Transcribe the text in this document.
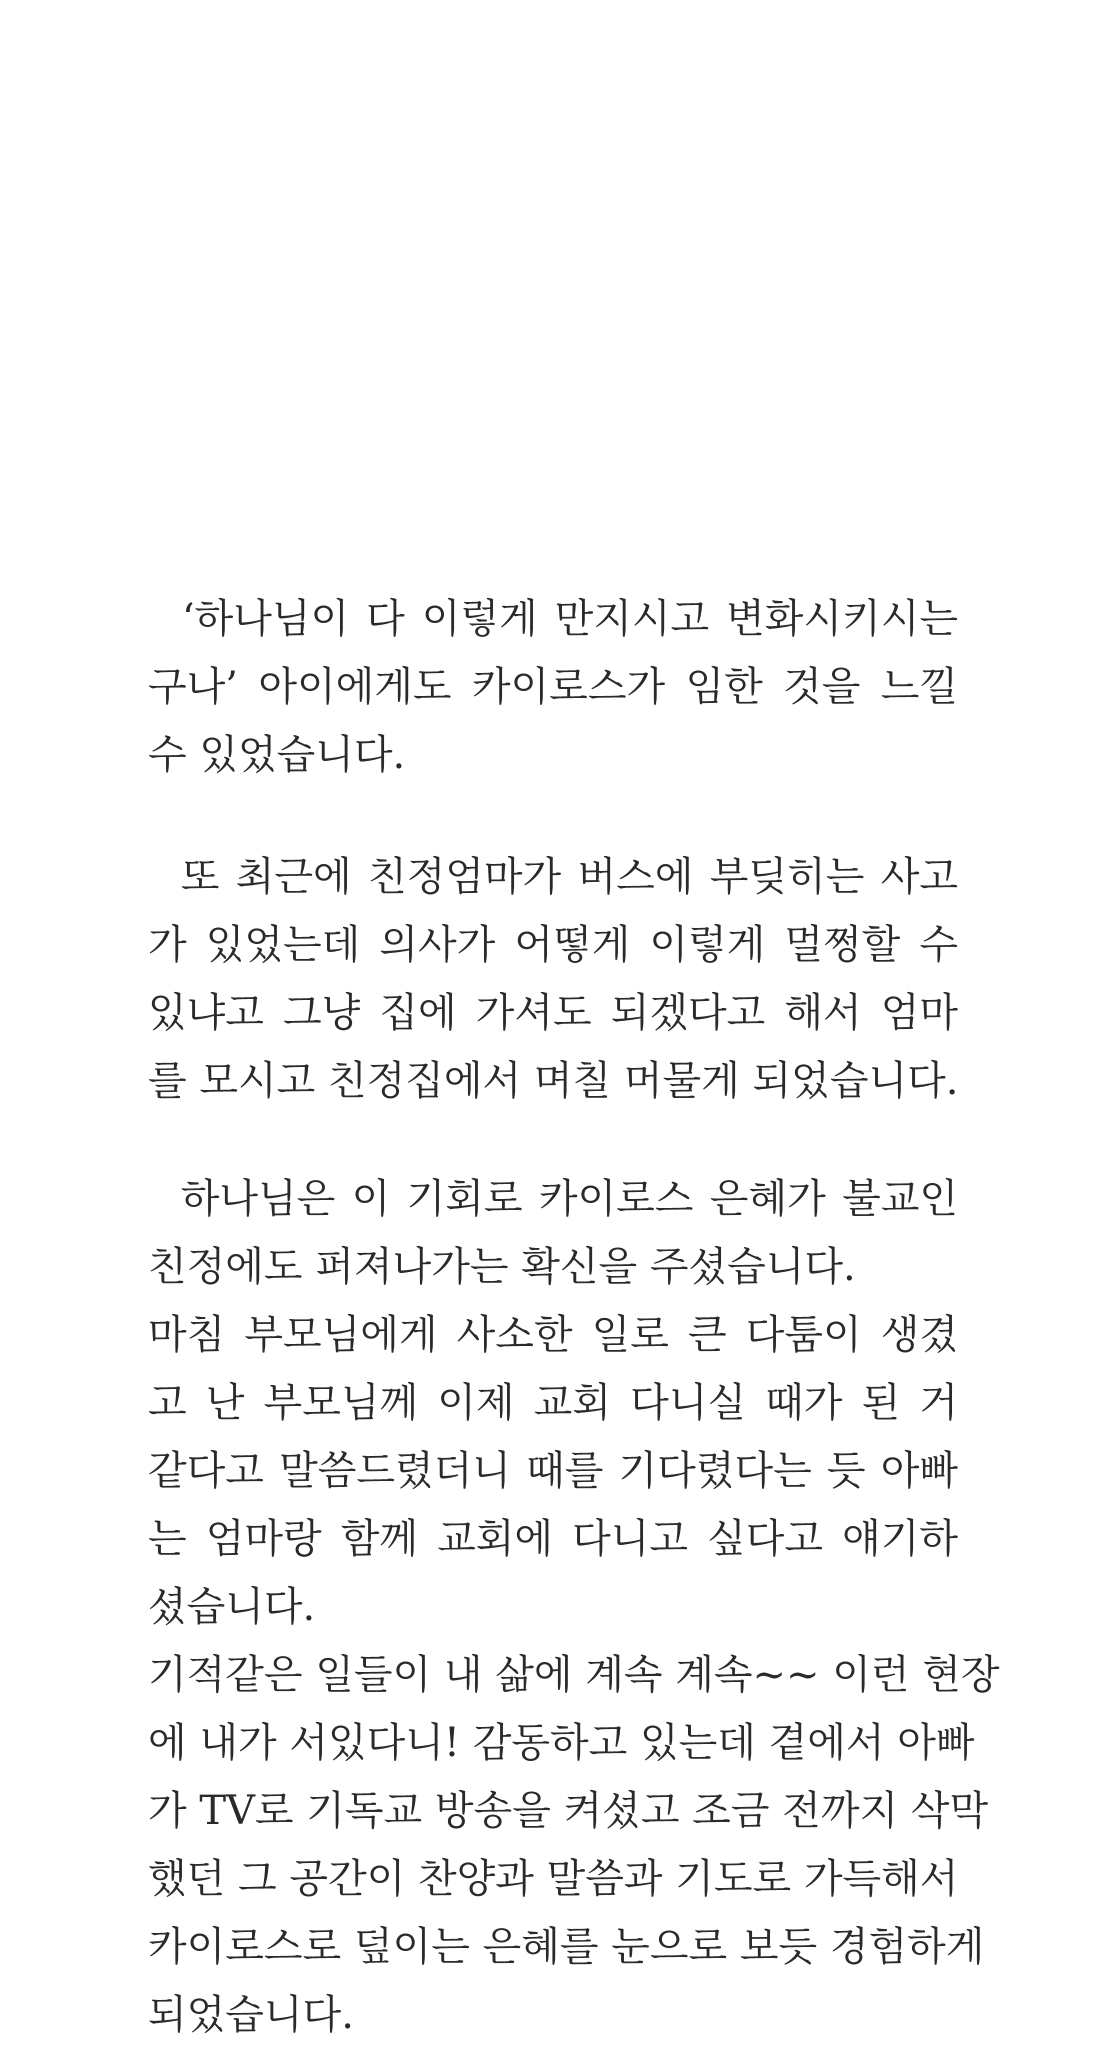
‘하나님이 다 이렇게 만지시고 변화시키시는
구나’ 아이에게도 카이로스가 임한 것을 느낄
수 있었습니다.
또 최근에 친정엄마가 버스에 부딪히는 사고
가 있었는데 의사가 어떻게 이렇게 멀쩡할 수
있냐고 그냥 집에 가셔도 되겠다고 해서 엄마
를 모시고 친정집에서 며칠 머물게 되었습니다.
하나님은 이 기회로 카이로스 은혜가 불교인
친정에도 퍼져나가는 확신을 주셨습니다.
마침 부모님에게 사소한 일로 큰 다툼이 생겼
고 난 부모님께 이제 교회 다니실 때가 된 거
같다고 말씀드렸더니 때를 기다렸다는 듯 아빠
는 엄마랑 함께 교회에 다니고 싶다고 얘기하
셨습니다.
기적같은 일들이 내 삶에 계속 계속~~ 이런 현장
에 내가 서있다니! 감동하고 있는데 곁에서 아빠
가 TV로 기독교 방송을 켜셨고 조금 전까지 삭막
했던 그 공간이 찬양과 말씀과 기도로 가득해서
카이로스로 덮이는 은혜를 눈으로 보듯 경험하게
되었습니다.
